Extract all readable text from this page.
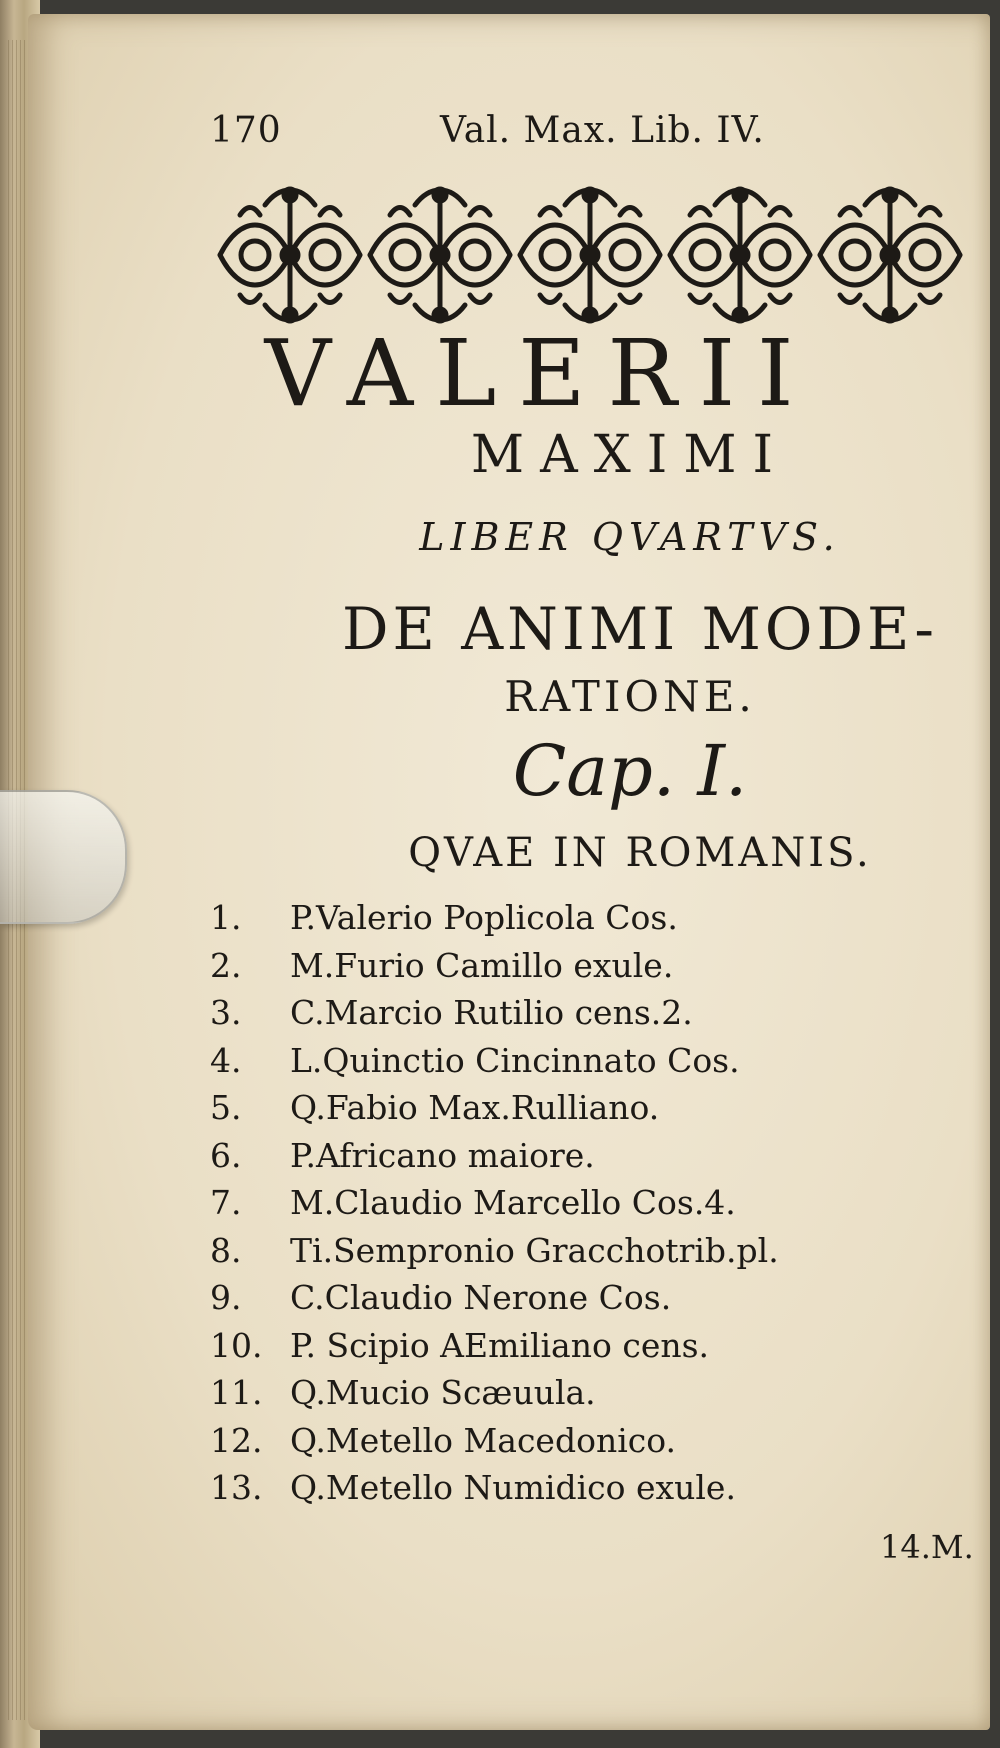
170	Val. Max. Lib. IV.
VALERII
MAXIMI
LIBER QVARTVS.
DE ANIMI MODE-
RATIONE.
Cap. I.
QVAE IN ROMANIS.
1.	P.Valerio Poplicola Cos.
2.	M.Furio Camillo exule.
3.	C.Marcio Rutilio cens.2.
4.	L.Quinctio Cincinnato Cos.
5.	Q.Fabio Max.Rulliano.
6.	P.Africano maiore.
7.	M.Claudio Marcello Cos.4.
8.	Ti.Sempronio Gracchotrib.pl.
9.	C.Claudio Nerone Cos.
10. P. Scipio AEmiliano cens.
11. Q.Mucio Scæuula.
12. Q.Metello Macedonico.
13. Q.Metello Numidico exule.
14.M.
